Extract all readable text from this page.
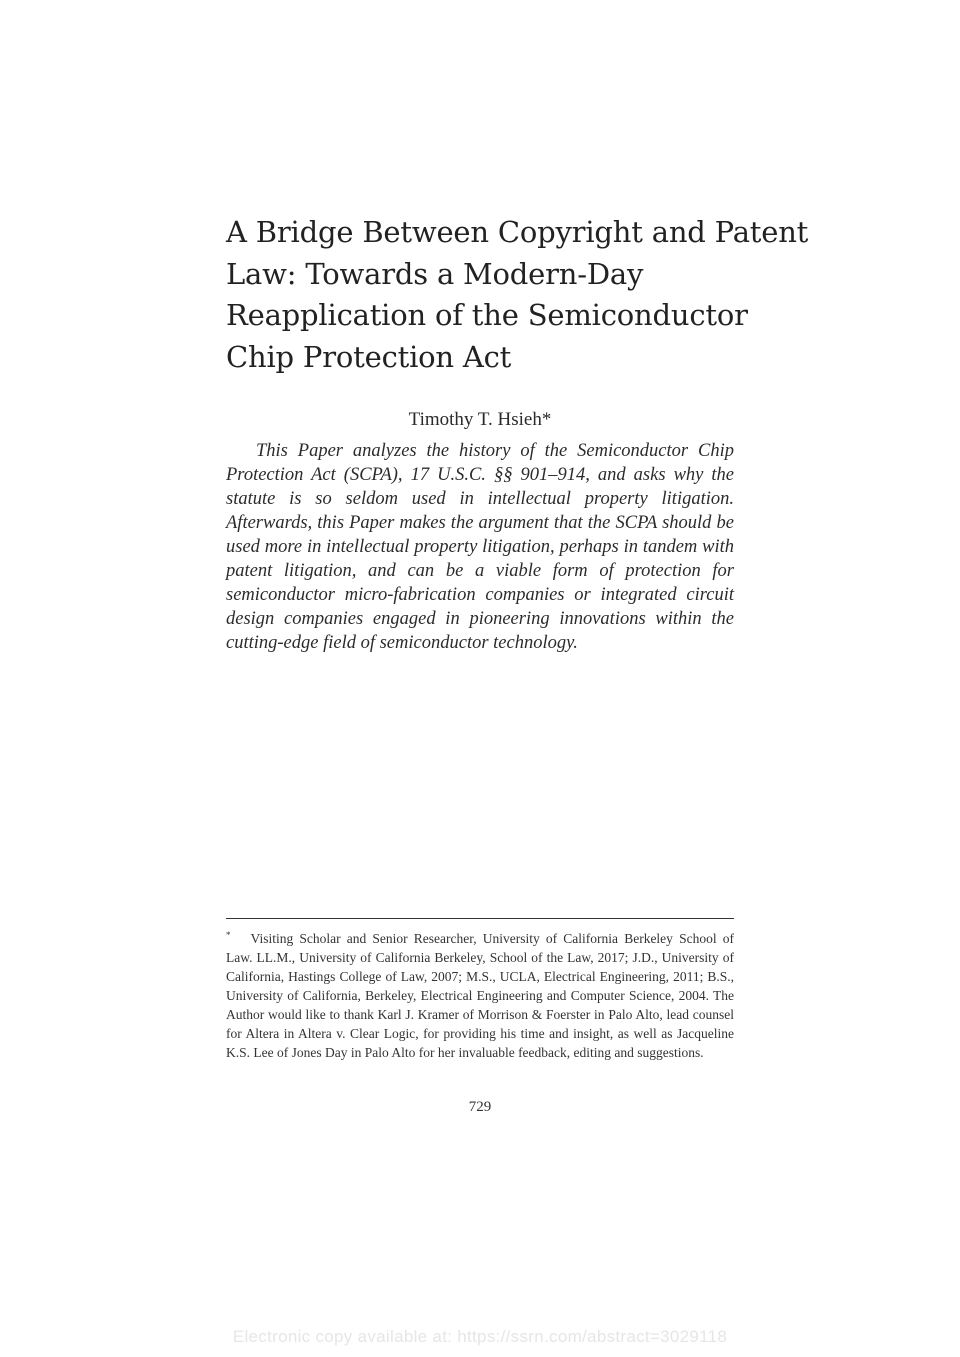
A Bridge Between Copyright and Patent
Law: Towards a Modern-Day
Reapplication of the Semiconductor
Chip Protection Act
Timothy T. Hsieh*

This Paper analyzes the history of the Semiconductor Chip Protection Act (SCPA), 17 U.S.C. §§ 901–914, and asks why the statute is so seldom used in intellectual property litigation. Afterwards, this Paper makes the argument that the SCPA should be used more in intellectual property litigation, perhaps in tandem with patent litigation, and can be a viable form of protection for semiconductor micro-fabrication companies or integrated circuit design companies engaged in pioneering innovations within the cutting-edge field of semiconductor technology.

* Visiting Scholar and Senior Researcher, University of California Berkeley School of Law. LL.M., University of California Berkeley, School of the Law, 2017; J.D., University of California, Hastings College of Law, 2007; M.S., UCLA, Electrical Engineering, 2011; B.S., University of California, Berkeley, Electrical Engineering and Computer Science, 2004. The Author would like to thank Karl J. Kramer of Morrison & Foerster in Palo Alto, lead counsel for Altera in Altera v. Clear Logic, for providing his time and insight, as well as Jacqueline K.S. Lee of Jones Day in Palo Alto for her invaluable feedback, editing and suggestions.

729
Electronic copy available at: https://ssrn.com/abstract=3029118
